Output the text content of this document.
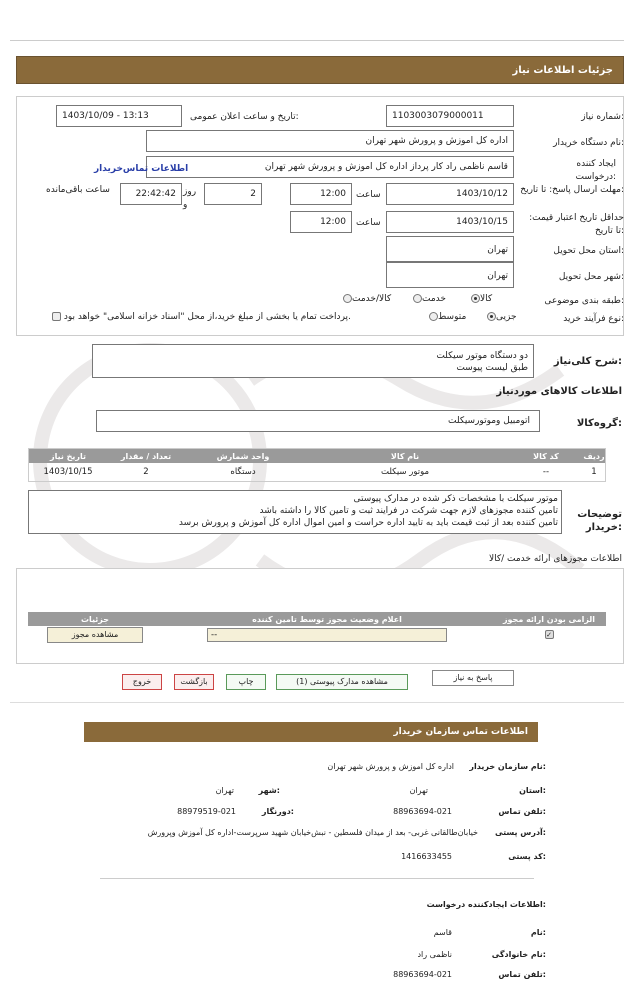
جزئیات اطلاعات نیاز
شماره نیاز:
1103003079000011
تاریخ و ساعت اعلان عمومی:
1403/10/09 - 13:13
نام دستگاه خریدار:
اداره کل اموزش و پرورش شهر تهران
ایجاد کننده درخواست:
قاسم ناظمی راد کار پرداز اداره کل اموزش و پرورش شهر تهران
اطلاعات تماس‌خریدار
مهلت ارسال پاسخ: تا تاریخ:
1403/10/12
ساعت
12:00
2
روز و
22:42:42
ساعت باقی‌مانده
حداقل تاریخ اعتبار قیمت: تا تاریخ:
1403/10/15
ساعت
12:00
استان محل تحویل:
تهران
شهر محل تحویل:
تهران
طبقه بندی موضوعی:
کالا
خدمت
کالا/خدمت
نوع فرآیند خرید:
جزیی
متوسط
پرداخت تمام یا بخشی از مبلغ خرید،از محل "اسناد خزانه اسلامی" خواهد بود.
شرح کلی‌نیاز:
دو دستگاه موتور سیکلت
طبق لیست پیوست
اطلاعات کالاهای موردنیاز
گروه‌کالا:
اتومبیل وموتورسیکلت
تاریخ نیاز	تعداد / مقدار	واحد شمارش	نام کالا	کد کالا	ردیف
1403/10/15	2	دستگاه	موتور سیکلت	--	1
توضیحات خریدار:
موتور سیکلت با مشخصات ذکر شده در مدارک پیوستی
تامین کننده مجوزهای لازم جهت شرکت در فرایند ثبت و تامین کالا را داشته باشد
تامین کننده بعد از ثبت قیمت باید به تایید اداره حراست و امین اموال اداره کل آموزش و پرورش برسد
اطلاعات مجوزهای ارائه خدمت /کالا
جزئیات	اعلام وضعیت مجوز توسط تامین کننده	الزامی بودن ارائه مجوز
مشاهده مجوز	--	✓
پاسخ به نیاز
مشاهده مدارک پیوستی (1)
چاپ
بازگشت
خروج
اطلاعات تماس سازمان خریدار
نام سازمان خریدار:
اداره کل اموزش و پرورش شهر تهران
استان:
تهران
شهر:
تهران
تلفن تماس:
88963694-021
دورنگار:
88979519-021
آدرس پستی:
خیابان‌طالقانی غربی- بعد از میدان فلسطین - نبش‌خیابان شهید سرپرست-اداره کل آموزش وپرورش
کد پستی:
1416633455
اطلاعات ایجادکننده درخواست:
نام:
قاسم
نام خانوادگی:
ناظمی راد
تلفن تماس:
88963694-021
